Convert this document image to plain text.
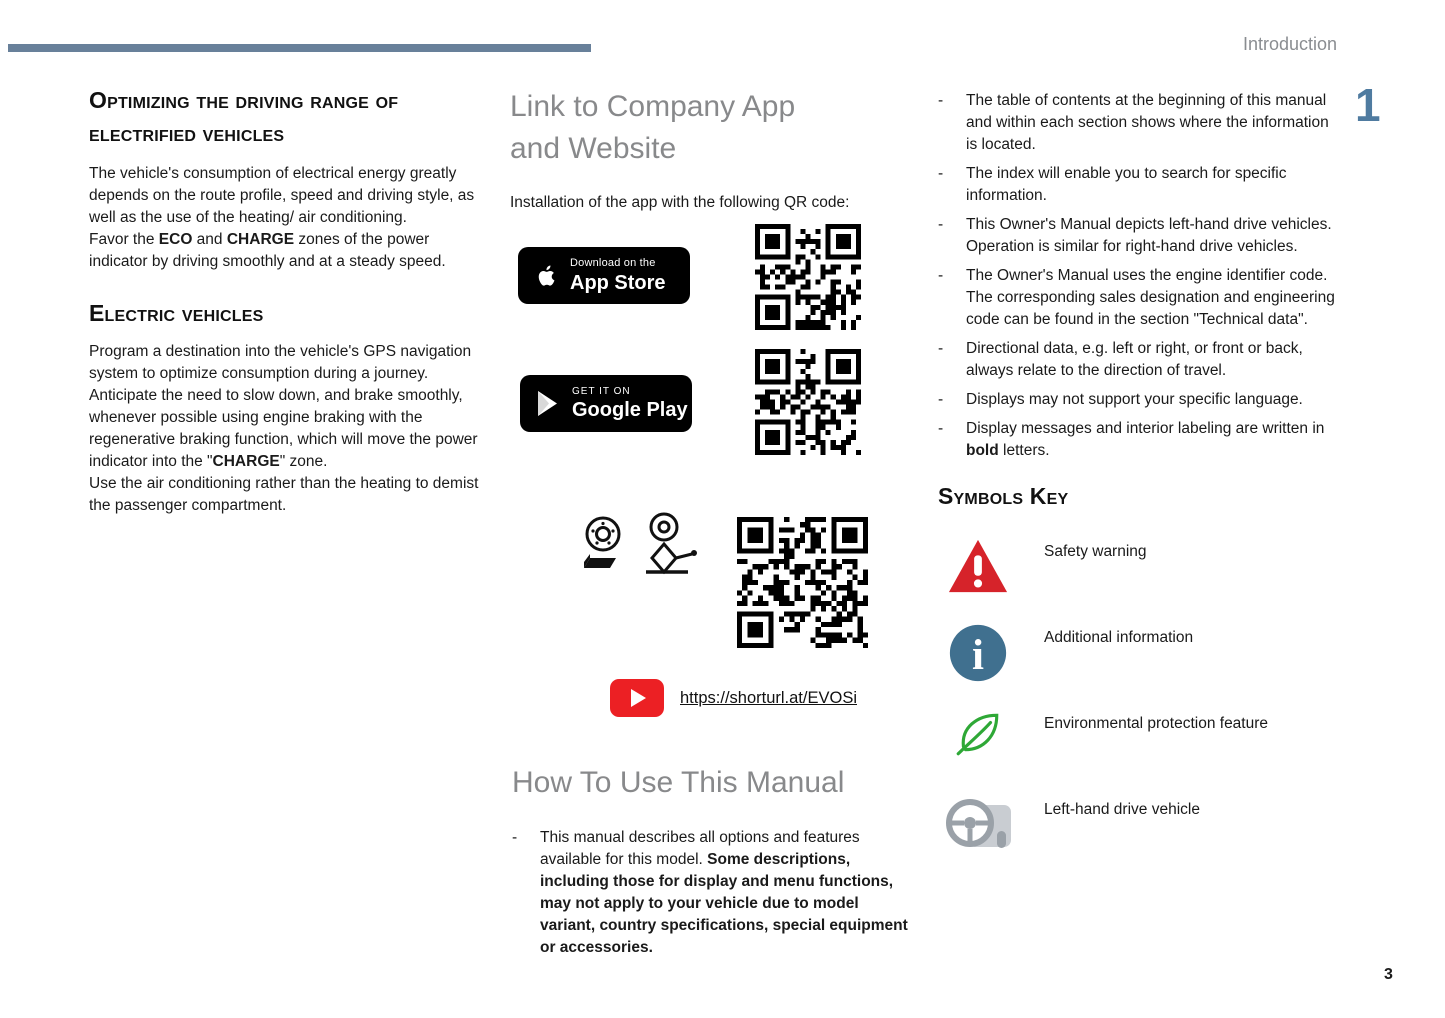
Introduction
1
Optimizing the driving range of electrified vehicles

The vehicle's consumption of electrical energy greatly depends on the route profile, speed and driving style, as well as the use of the heating/ air conditioning.

Favor the ECO and CHARGE zones of the power indicator by driving smoothly and at a steady speed.

Electric vehicles

Program a destination into the vehicle's GPS navigation system to optimize consumption during a journey.

Anticipate the need to slow down, and brake smoothly, whenever possible using engine braking with the regenerative braking function, which will move the power indicator into the "CHARGE" zone.

Use the air conditioning rather than the heating to demist the passenger compartment.

Link to Company App and Website

Installation of the app with the following QR code:

Download on the
App Store
GET IT ON
Google Play
https://shorturl.at/EVOSi
How To Use This Manual
-	This manual describes all options and features available for this model. Some descriptions, including those for display and menu functions, may not apply to your vehicle due to model variant, country specifications, special equipment or accessories.
-	The table of contents at the beginning of this manual and within each section shows where the information is located.
-	The index will enable you to search for specific information.
-	This Owner's Manual depicts left-hand drive vehicles. Operation is similar for right-hand drive vehicles.
-	The Owner's Manual uses the engine identifier code. The corresponding sales designation and engineering code can be found in the section "Technical data".
-	Directional data, e.g. left or right, or front or back, always relate to the direction of travel.
-	Displays may not support your specific language.
-	Display messages and interior labeling are written in bold letters.
Symbols Key
Safety warning
i	Additional information
Environmental protection feature
Left-hand drive vehicle
3
